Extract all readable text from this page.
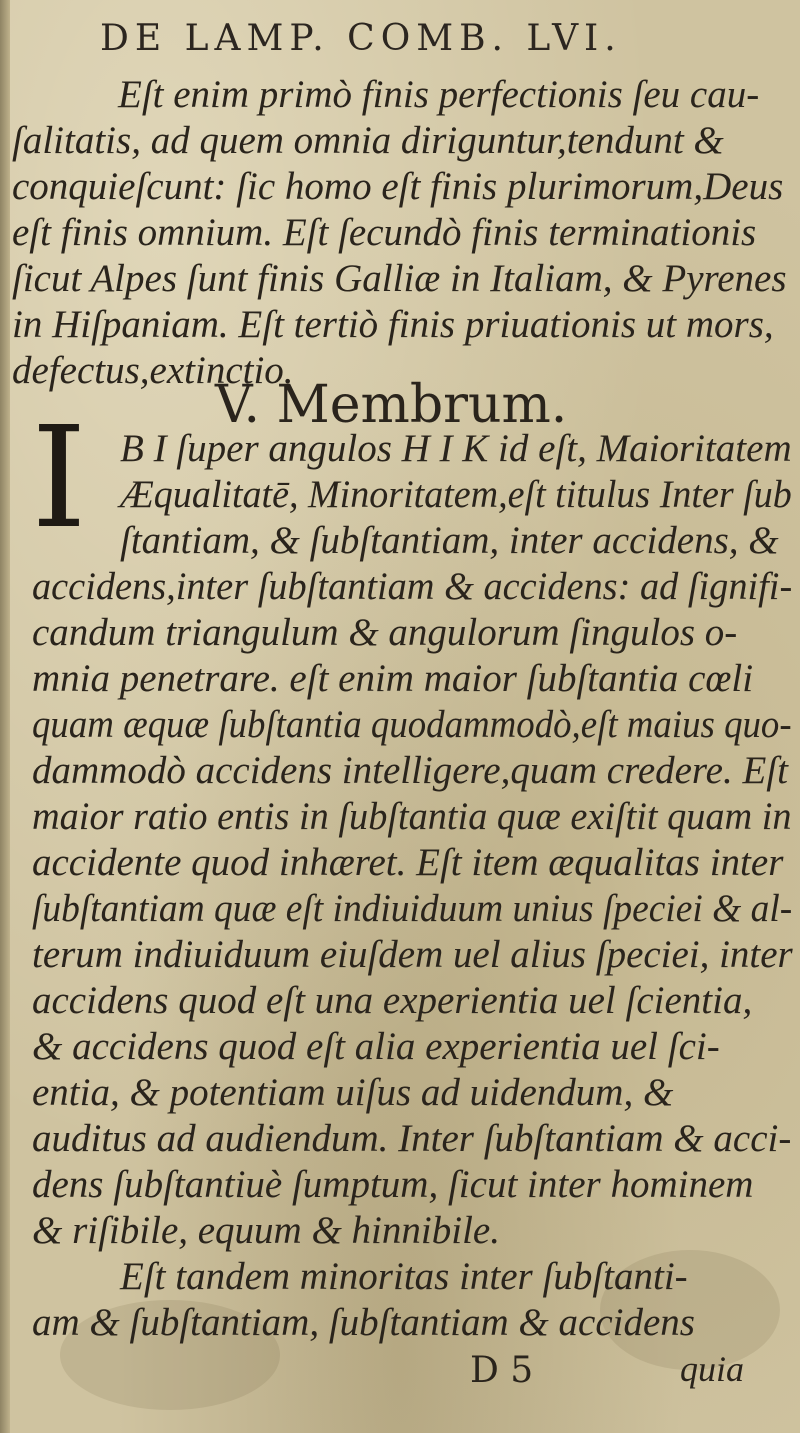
DE LAMP. COMB. LVI.
Eſt enim primò finis perfectionis ſeu cau-
ſalitatis, ad quem omnia diriguntur,tendunt &
conquieſcunt: ſic homo eſt finis plurimorum,Deus
eſt finis omnium. Eſt ſecundò finis terminationis
ſicut Alpes ſunt finis Galliæ in Italiam, & Pyrenes
in Hiſpaniam. Eſt tertiò finis priuationis ut mors,
defectus,extinctio.
V. Membrum.
I B I ſuper angulos H I K id eſt, Maioritatem
Æqualitatē, Minoritatem,eſt titulus Inter ſub
ſtantiam, & ſubſtantiam, inter accidens, &
accidens,inter ſubſtantiam & accidens: ad ſignifi-
candum triangulum & angulorum ſingulos o-
mnia penetrare. eſt enim maior ſubſtantia cœli
quam æquæ ſubſtantia quodammodò,eſt maius quo-
dammodò accidens intelligere,quam credere. Eſt
maior ratio entis in ſubſtantia quæ exiſtit quam in
accidente quod inhæret. Eſt item æqualitas inter
ſubſtantiam quæ eſt indiuiduum unius ſpeciei & al-
terum indiuiduum eiuſdem uel alius ſpeciei, inter
accidens quod eſt una experientia uel ſcientia,
& accidens quod eſt alia experientia uel ſci-
entia, & potentiam uiſus ad uidendum, &
auditus ad audiendum. Inter ſubſtantiam & acci-
dens ſubſtantiuè ſumptum, ſicut inter hominem
& riſibile, equum & hinnibile.
Eſt tandem minoritas inter ſubſtanti-
am & ſubſtantiam, ſubſtantiam & accidens
D 5	quia
